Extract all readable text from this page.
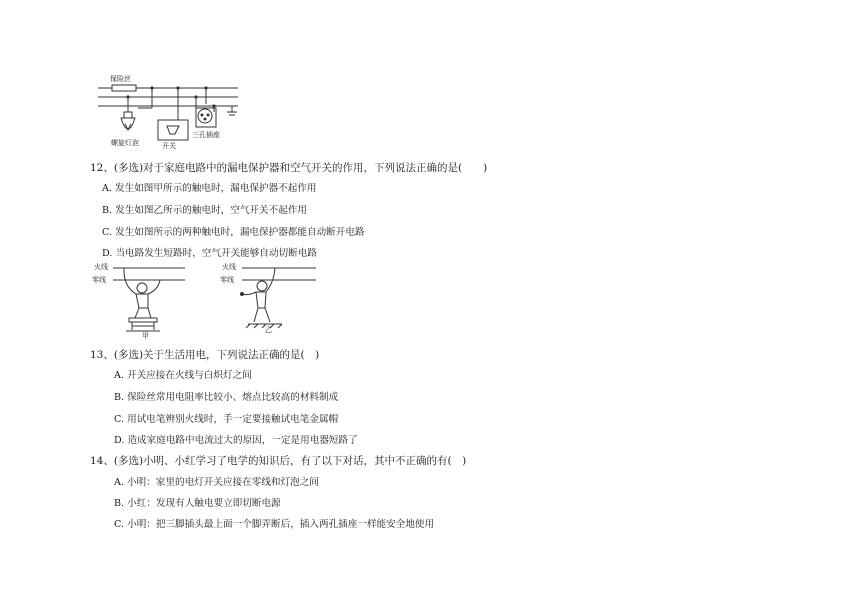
保险丝
螺旋灯泡	开关
三孔插座
12、(多选)对于家庭电路中的漏电保护器和空气开关的作用，下列说法正确的是(　　)
A. 发生如图甲所示的触电时，漏电保护器不起作用
B. 发生如图乙所示的触电时，空气开关不起作用
C. 发生如图所示的两种触电时，漏电保护器都能自动断开电路
D. 当电路发生短路时，空气开关能够自动切断电路
火线
零线
甲
火线
零线
乙
13、(多选)关于生活用电，下列说法正确的是(　)
A. 开关应接在火线与白炽灯之间
B. 保险丝常用电阻率比较小、熔点比较高的材料制成
C. 用试电笔辨别火线时，手一定要接触试电笔金属帽
D. 造成家庭电路中电流过大的原因，一定是用电器短路了
14、(多选)小明、小红学习了电学的知识后，有了以下对话，其中不正确的有(　)
A. 小明：家里的电灯开关应接在零线和灯泡之间
B. 小红：发现有人触电要立即切断电源
C. 小明：把三脚插头最上面一个脚弄断后，插入两孔插座一样能安全地使用
